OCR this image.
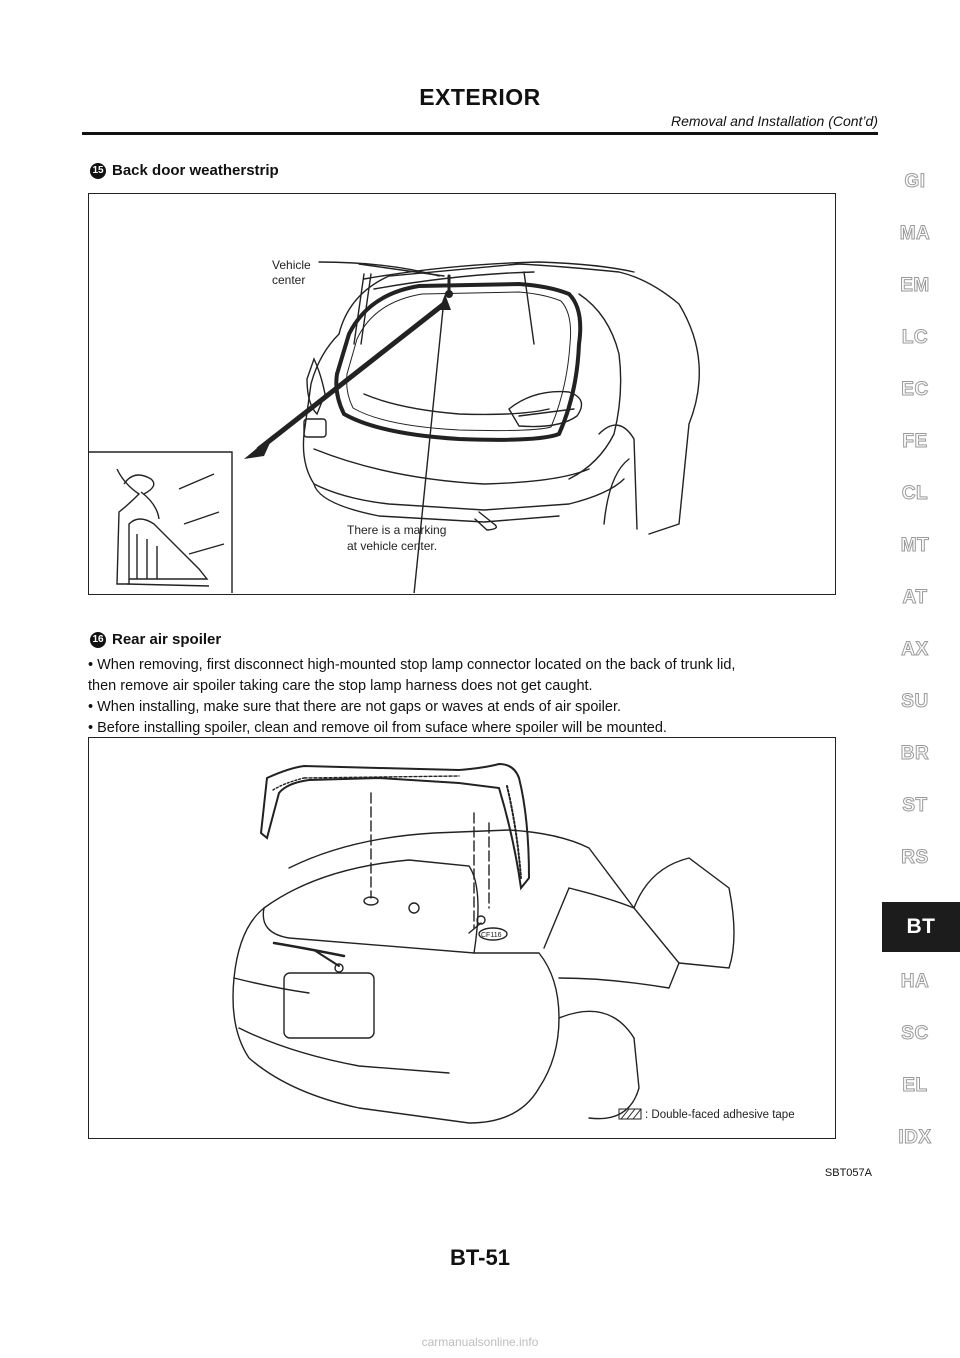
EXTERIOR
Removal and Installation (Cont’d)
15 Back door weatherstrip
Vehicle
center
There is a marking
at vehicle center.
16 Rear air spoiler
• When removing, first disconnect high-mounted stop lamp connector located on the back of trunk lid,
then remove air spoiler taking care the stop lamp harness does not get caught.
• When installing, make sure that there are not gaps or waves at ends of air spoiler.
• Before installing spoiler, clean and remove oil from suface where spoiler will be mounted.
CF116
: Double-faced adhesive tape
SBT057A
GI
MA
EM
LC
EC
FE
CL
MT
AT
AX
SU
BR
ST
RS
BT
HA
SC
EL
IDX
BT-51
carmanualsonline.info
